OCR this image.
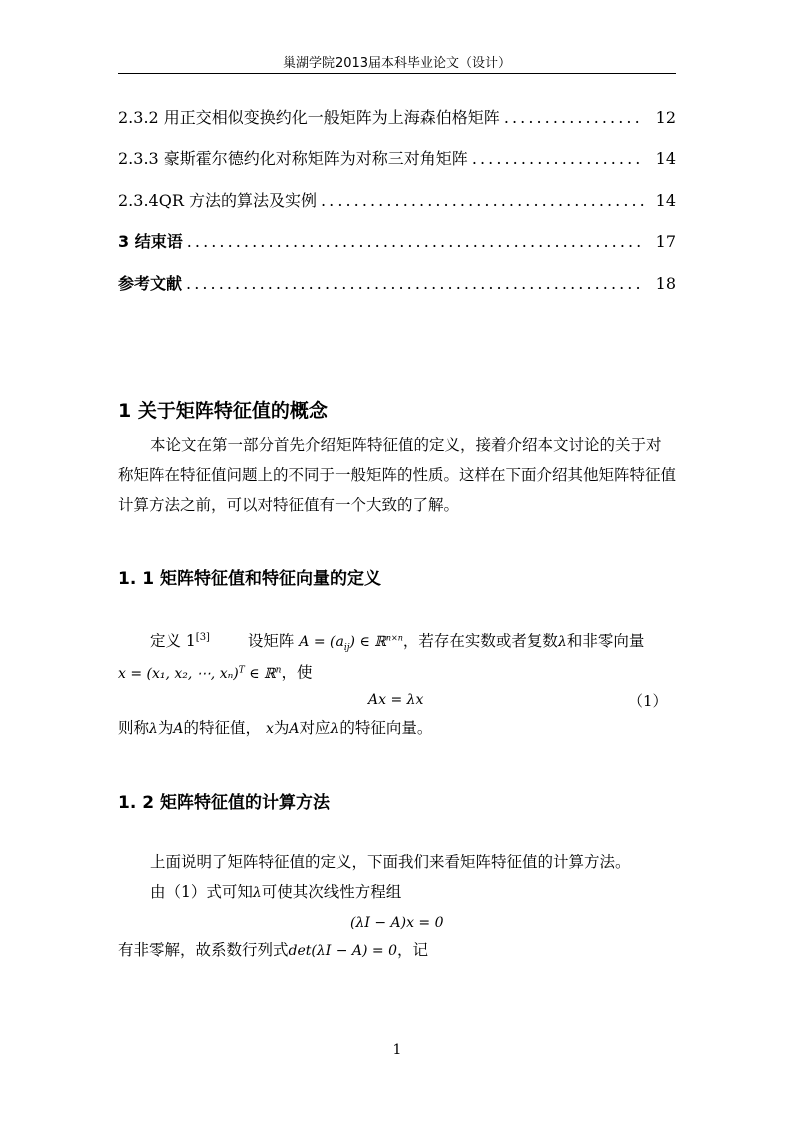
巢湖学院2013届本科毕业论文（设计）
2.3.2 用正交相似变换约化一般矩阵为上海森伯格矩阵 . . .	12
2.3.3 豪斯霍尔德约化对称矩阵为对称三对角矩阵 . . .	14
2.3.4QR 方法的算法及实例 . . .	14
3 结束语 . . .	17
参考文献 . . .	18
1 关于矩阵特征值的概念
本论文在第一部分首先介绍矩阵特征值的定义，接着介绍本文讨论的关于对称矩阵在特征值问题上的不同于一般矩阵的性质。这样在下面介绍其他矩阵特征值计算方法之前，可以对特征值有一个大致的了解。
1. 1 矩阵特征值和特征向量的定义
定义 1[3] 设矩阵 $A = (a_{ij})$ ∈ ℝ$^{n\times n}$，若存在实数或者复数λ和非零向量
x = (x₁, x₂, ⋯, xₙ)$^T$ ∈ ℝ$^n$，使
Ax = λx	（1）
则称λ为A的特征值， x为A对应λ的特征向量。
1. 2 矩阵特征值的计算方法
上面说明了矩阵特征值的定义，下面我们来看矩阵特征值的计算方法。
由（1）式可知λ可使其次线性方程组
(λI − A)x = 0
有非零解，故系数行列式det(λI − A) = 0，记
1
